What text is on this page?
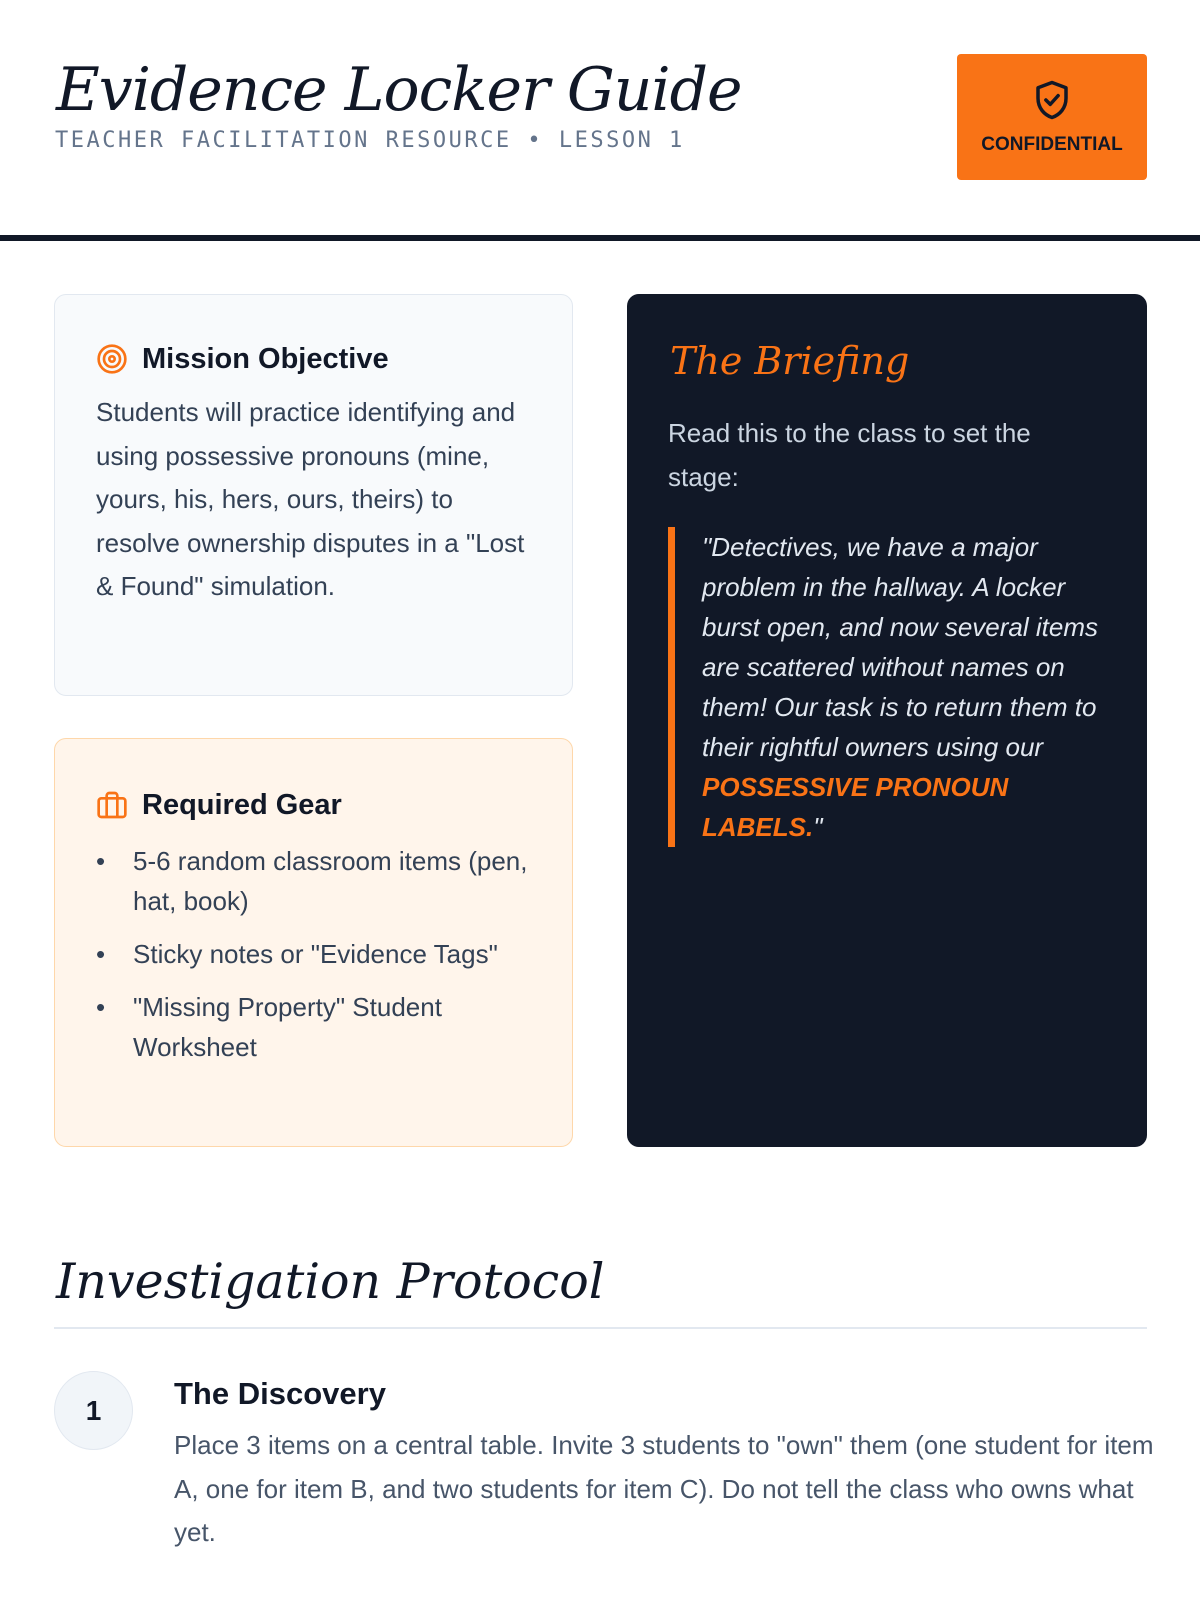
Evidence Locker Guide
TEACHER FACILITATION RESOURCE • LESSON 1	CONFIDENTIAL
Mission Objective
Students will practice identifying and using possessive pronouns (mine, yours, his, hers, ours, theirs) to resolve ownership disputes in a "Lost & Found" simulation.
Required Gear
• 5-6 random classroom items (pen, hat, book)
• Sticky notes or "Evidence Tags"
• "Missing Property" Student Worksheet
The Briefing
Read this to the class to set the stage:
"Detectives, we have a major problem in the hallway. A locker burst open, and now several items are scattered without names on them! Our task is to return them to their rightful owners using our POSSESSIVE PRONOUN LABELS."
Investigation Protocol
1	The Discovery
Place 3 items on a central table. Invite 3 students to "own" them (one student for item A, one for item B, and two students for item C). Do not tell the class who owns what yet.
